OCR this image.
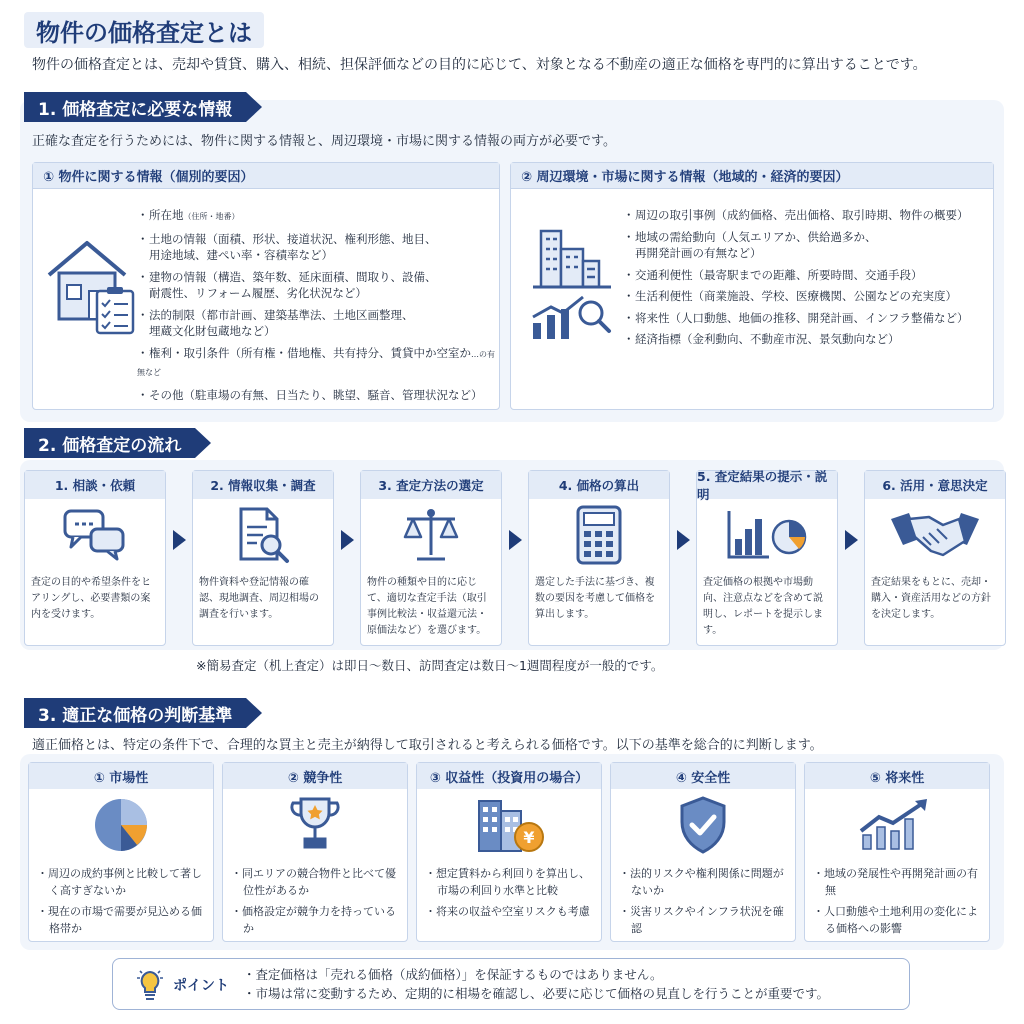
物件の価格査定とは
物件の価格査定とは、売却や賃貸、購入、相続、担保評価などの目的に応じて、対象となる不動産の適正な価格を専門的に算出することです。
1. 価格査定に必要な情報
正確な査定を行うためには、物件に関する情報と、周辺環境・市場に関する情報の両方が必要です。
① 物件に関する情報（個別的要因）
・所在地（住所・地番）
・土地の情報（面積、形状、接道状況、権利形態、地目、
用途地域、建ぺい率・容積率など）
・建物の情報（構造、築年数、延床面積、間取り、設備、
耐震性、リフォーム履歴、劣化状況など）
・法的制限（都市計画、建築基準法、土地区画整理、
埋蔵文化財包蔵地など）
・権利・取引条件（所有権・借地権、共有持分、賃貸中か空室か…の有無など
・その他（駐車場の有無、日当たり、眺望、騒音、管理状況など）
② 周辺環境・市場に関する情報（地域的・経済的要因）
・周辺の取引事例（成約価格、売出価格、取引時期、物件の概要）
・地域の需給動向（人気エリアか、供給過多か、
再開発計画の有無など）
・交通利便性（最寄駅までの距離、所要時間、交通手段）
・生活利便性（商業施設、学校、医療機関、公園などの充実度）
・将来性（人口動態、地価の推移、開発計画、インフラ整備など）
・経済指標（金利動向、不動産市況、景気動向など）
2. 価格査定の流れ
1. 相談・依頼
査定の目的や希望条件をヒアリングし、必要書類の案内を受けます。
2. 情報収集・調査
物件資料や登記情報の確認、現地調査、周辺相場の調査を行います。
3. 査定方法の選定
物件の種類や目的に応じて、適切な査定手法（取引事例比較法・収益還元法・原価法など）を選びます。
4. 価格の算出
選定した手法に基づき、複数の要因を考慮して価格を算出します。
5. 査定結果の提示・説明
査定価格の根拠や市場動向、注意点などを含めて説明し、レポートを提示します。
6. 活用・意思決定
査定結果をもとに、売却・購入・資産活用などの方針を決定します。
※簡易査定（机上査定）は即日〜数日、訪問査定は数日〜1週間程度が一般的です。
3. 適正な価格の判断基準
適正価格とは、特定の条件下で、合理的な買主と売主が納得して取引されると考えられる価格です。以下の基準を総合的に判断します。
① 市場性
・周辺の成約事例と比較して著しく高すぎないか
・現在の市場で需要が見込める価格帯か
② 競争性
・同エリアの競合物件と比べて優位性があるか
・価格設定が競争力を持っているか
③ 収益性（投資用の場合）
¥
・想定賃料から利回りを算出し、市場の利回り水準と比較
・将来の収益や空室リスクも考慮
④ 安全性
・法的リスクや権利関係に問題がないか
・災害リスクやインフラ状況を確認
⑤ 将来性
・地域の発展性や再開発計画の有無
・人口動態や土地利用の変化による価格への影響
ポイント
・査定価格は「売れる価格（成約価格）」を保証するものではありません。
・市場は常に変動するため、定期的に相場を確認し、必要に応じて価格の見直しを行うことが重要です。
